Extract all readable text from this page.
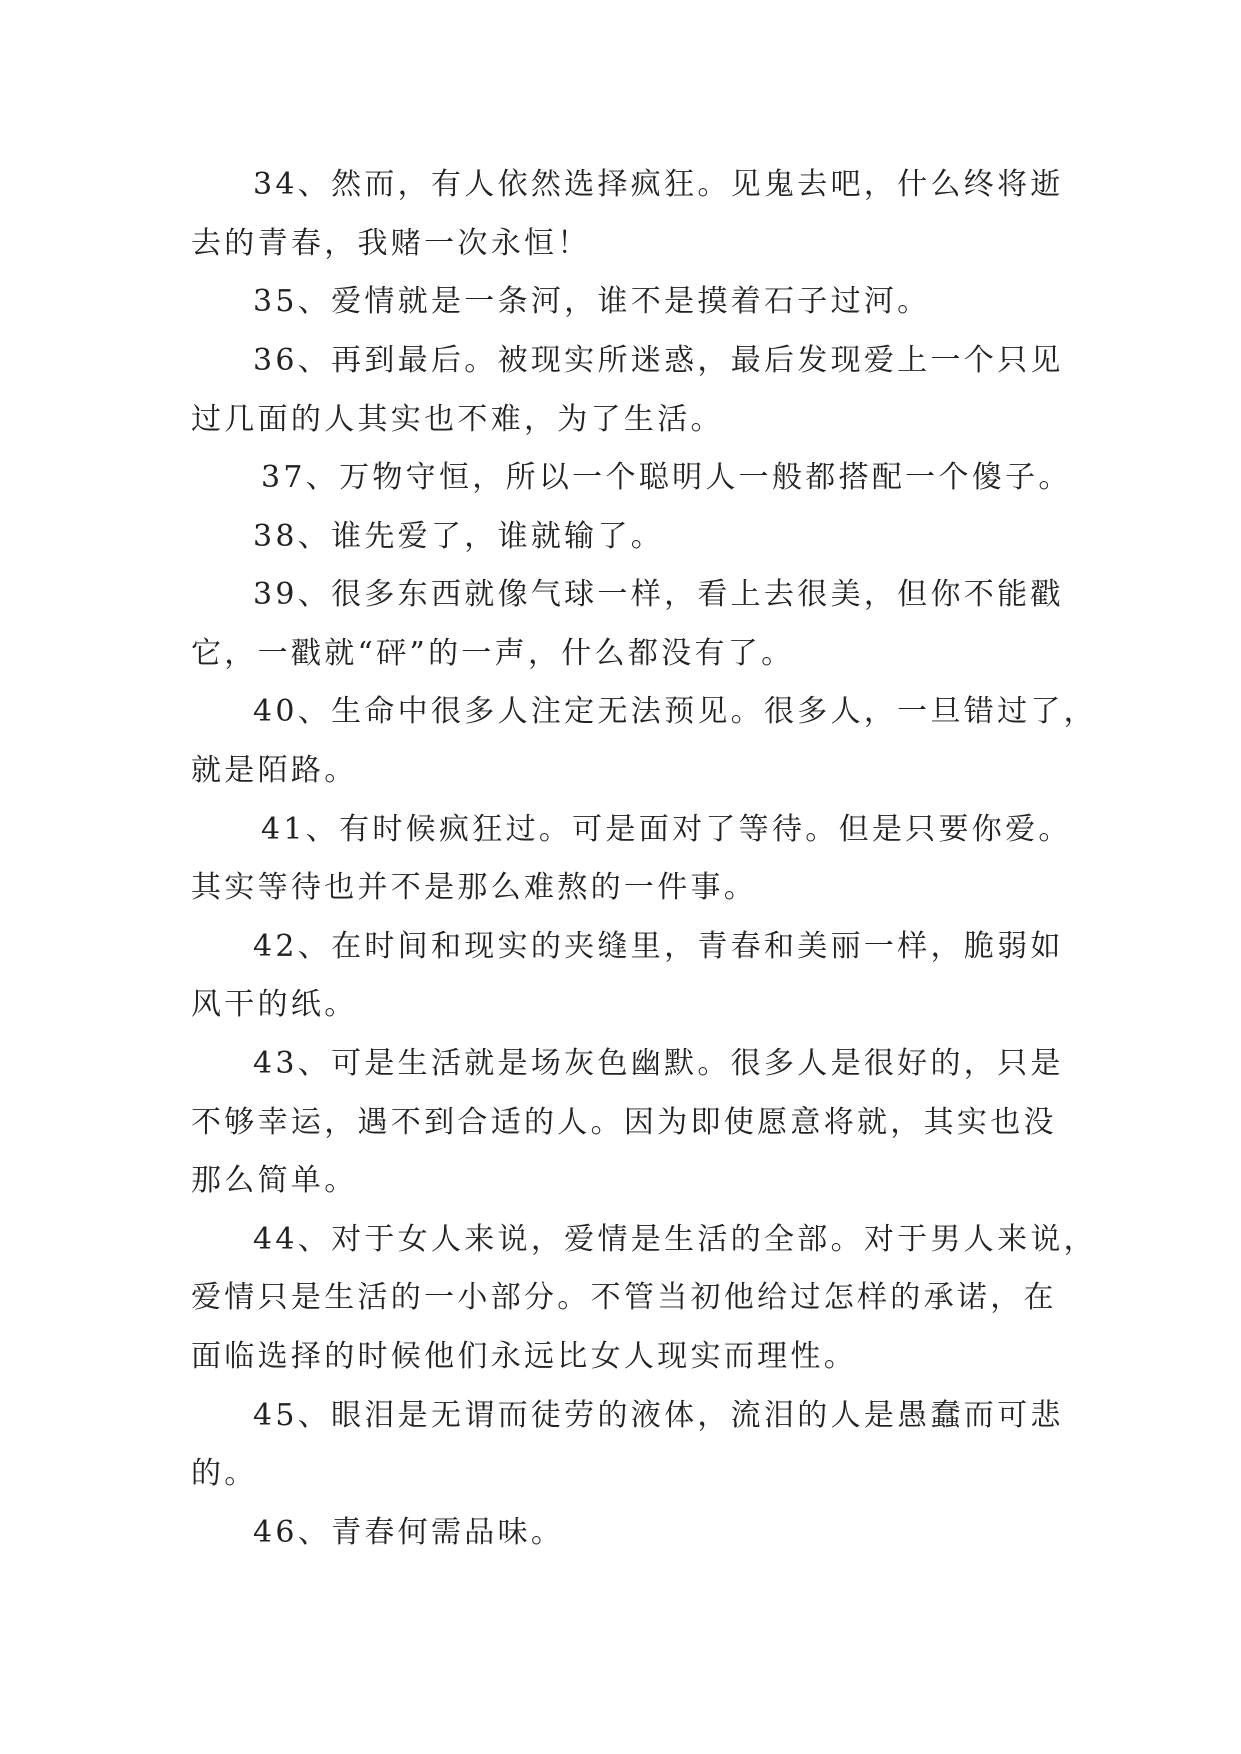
34、然而，有人依然选择疯狂。见鬼去吧，什么终将逝
去的青春，我赌一次永恒！
35、爱情就是一条河，谁不是摸着石子过河。
36、再到最后。被现实所迷惑，最后发现爱上一个只见
过几面的人其实也不难，为了生活。
37、万物守恒，所以一个聪明人一般都搭配一个傻子。
38、谁先爱了，谁就输了。
39、很多东西就像气球一样，看上去很美，但你不能戳
它，一戳就“砰”的一声，什么都没有了。
40、生命中很多人注定无法预见。很多人，一旦错过了，
就是陌路。
41、有时候疯狂过。可是面对了等待。但是只要你爱。
其实等待也并不是那么难熬的一件事。
42、在时间和现实的夹缝里，青春和美丽一样，脆弱如
风干的纸。
43、可是生活就是场灰色幽默。很多人是很好的，只是
不够幸运，遇不到合适的人。因为即使愿意将就，其实也没
那么简单。
44、对于女人来说，爱情是生活的全部。对于男人来说，
爱情只是生活的一小部分。不管当初他给过怎样的承诺，在
面临选择的时候他们永远比女人现实而理性。
45、眼泪是无谓而徒劳的液体，流泪的人是愚蠢而可悲
的。
46、青春何需品味。
